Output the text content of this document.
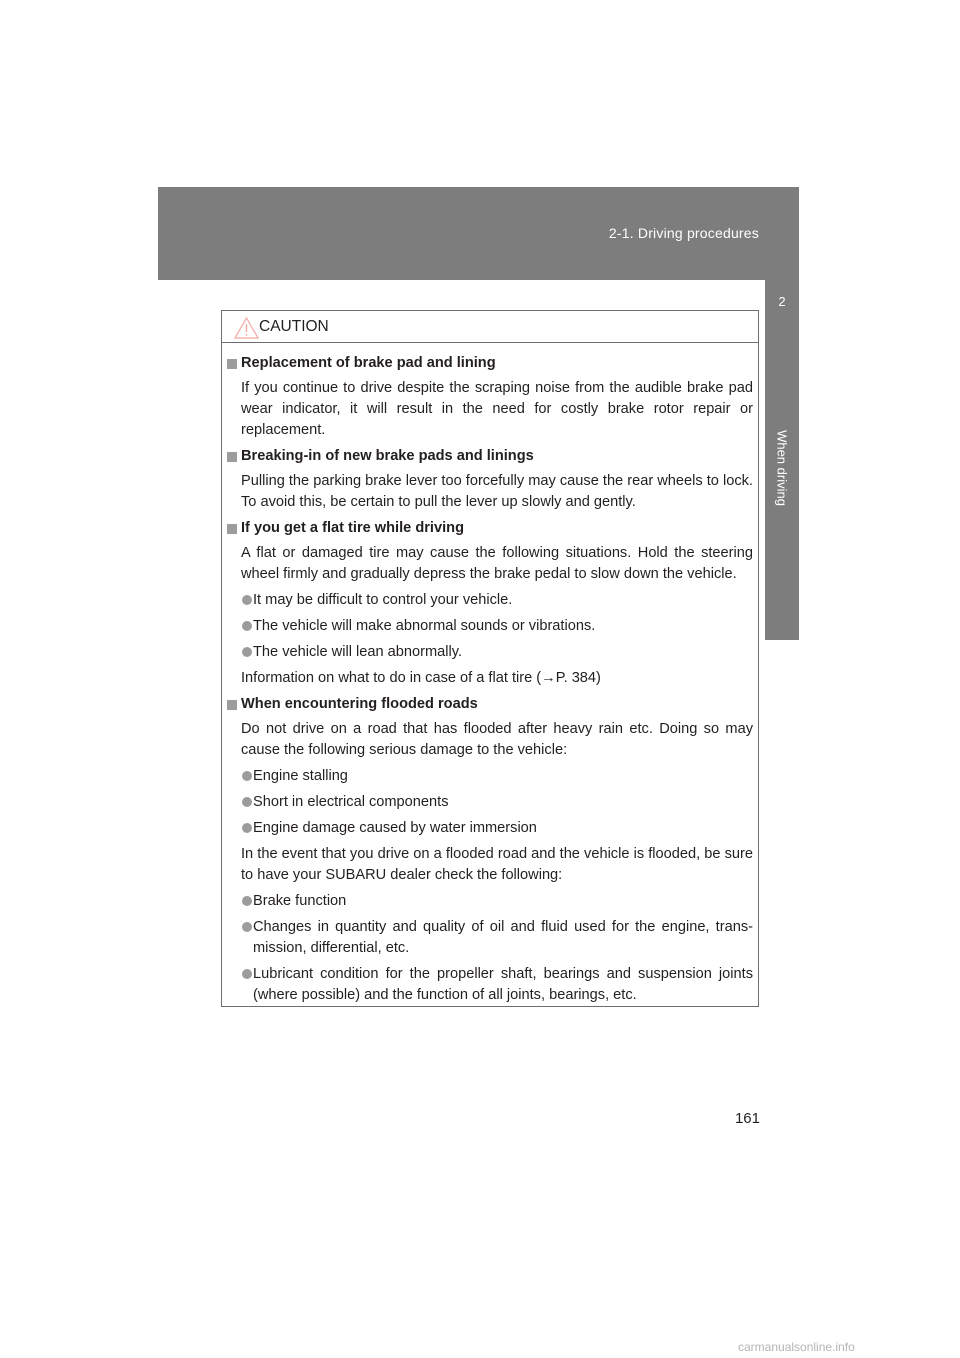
2-1. Driving procedures
2
When driving
CAUTION
Replacement of brake pad and lining
If you continue to drive despite the scraping noise from the audible brake pad wear indicator, it will result in the need for costly brake rotor repair or replacement.
Breaking-in of new brake pads and linings
Pulling the parking brake lever too forcefully may cause the rear wheels to lock. To avoid this, be certain to pull the lever up slowly and gently.
If you get a flat tire while driving
A flat or damaged tire may cause the following situations. Hold the steering wheel firmly and gradually depress the brake pedal to slow down the vehicle.
It may be difficult to control your vehicle.
The vehicle will make abnormal sounds or vibrations.
The vehicle will lean abnormally.
Information on what to do in case of a flat tire (→P. 384)
When encountering flooded roads
Do not drive on a road that has flooded after heavy rain etc. Doing so may cause the following serious damage to the vehicle:
Engine stalling
Short in electrical components
Engine damage caused by water immersion
In the event that you drive on a flooded road and the vehicle is flooded, be sure to have your SUBARU dealer check the following:
Brake function
Changes in quantity and quality of oil and fluid used for the engine, trans-mission, differential, etc.
Lubricant condition for the propeller shaft, bearings and suspension joints (where possible) and the function of all joints, bearings, etc.
161
carmanualsonline.info
